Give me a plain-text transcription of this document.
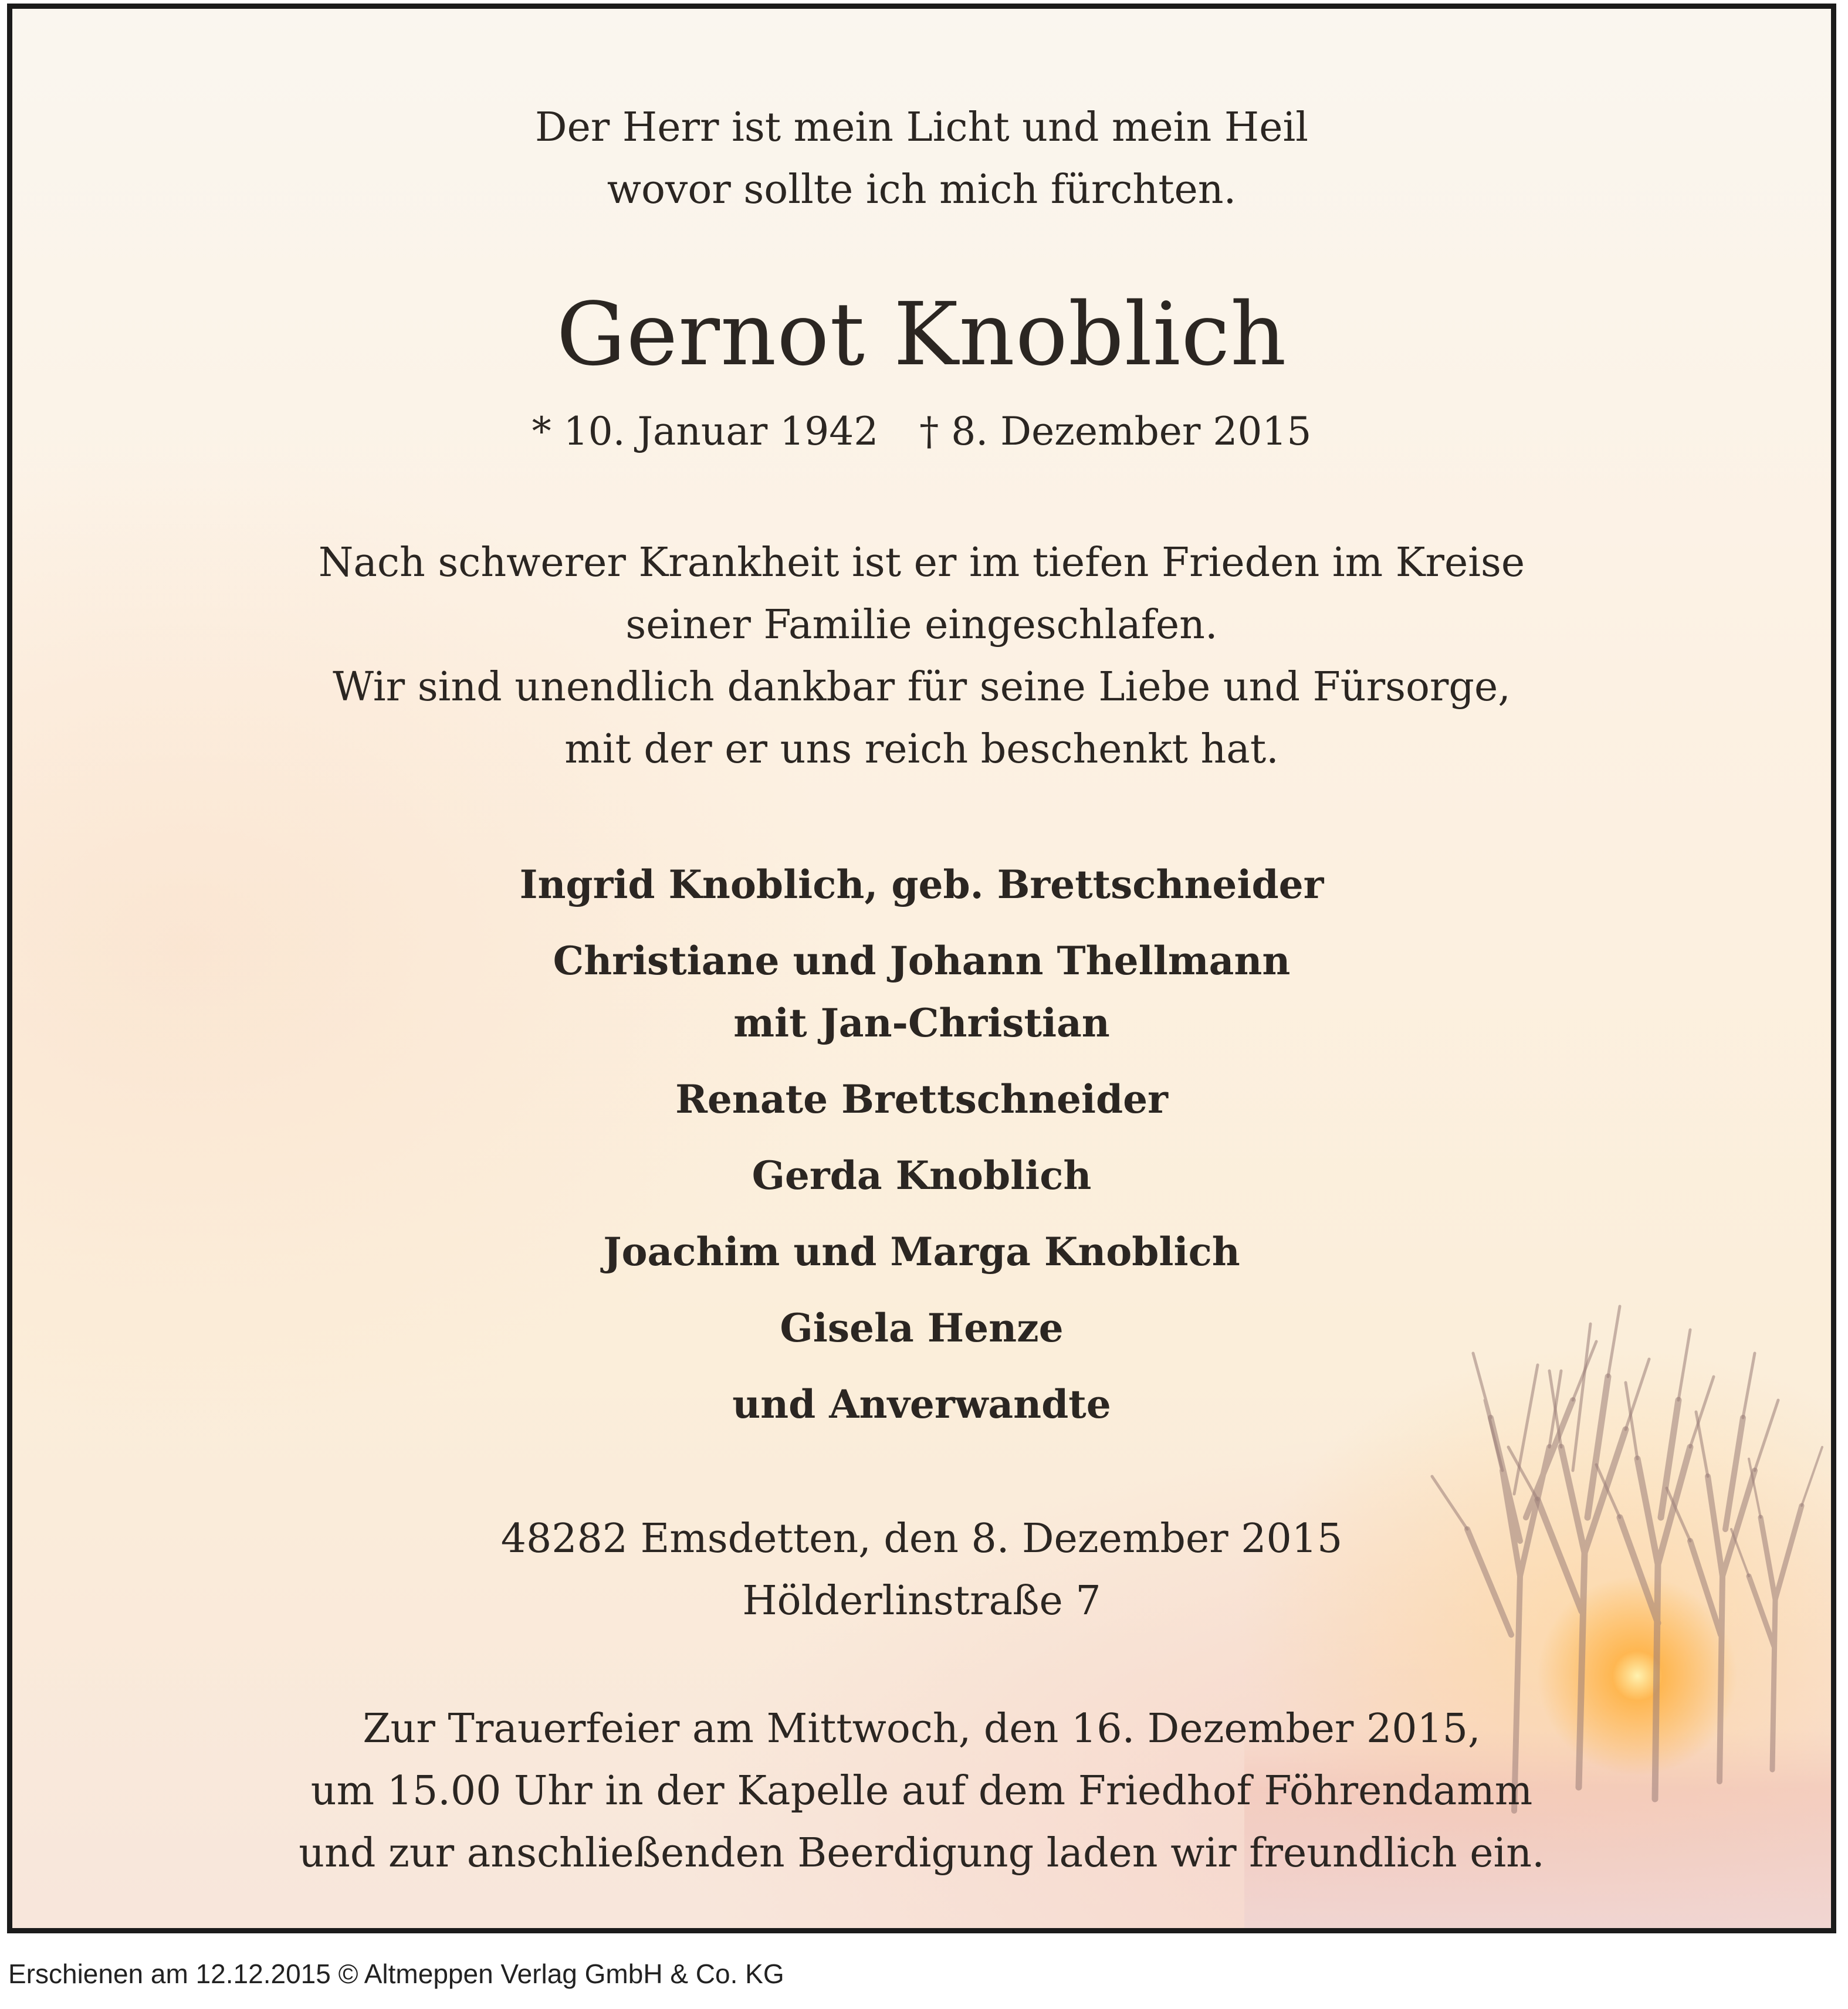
Der Herr ist mein Licht und mein Heil
wovor sollte ich mich fürchten.
Gernot Knoblich
* 10. Januar 1942 † 8. Dezember 2015
Nach schwerer Krankheit ist er im tiefen Frieden im Kreise
seiner Familie eingeschlafen.
Wir sind unendlich dankbar für seine Liebe und Fürsorge,
mit der er uns reich beschenkt hat.
Ingrid Knoblich, geb. Brettschneider
Christiane und Johann Thellmann
mit Jan-Christian
Renate Brettschneider
Gerda Knoblich
Joachim und Marga Knoblich
Gisela Henze
und Anverwandte
48282 Emsdetten, den 8. Dezember 2015
Hölderlinstraße 7
Zur Trauerfeier am Mittwoch, den 16. Dezember 2015,
um 15.00 Uhr in der Kapelle auf dem Friedhof Föhrendamm
und zur anschließenden Beerdigung laden wir freundlich ein.
Erschienen am 12.12.2015 © Altmeppen Verlag GmbH & Co. KG
